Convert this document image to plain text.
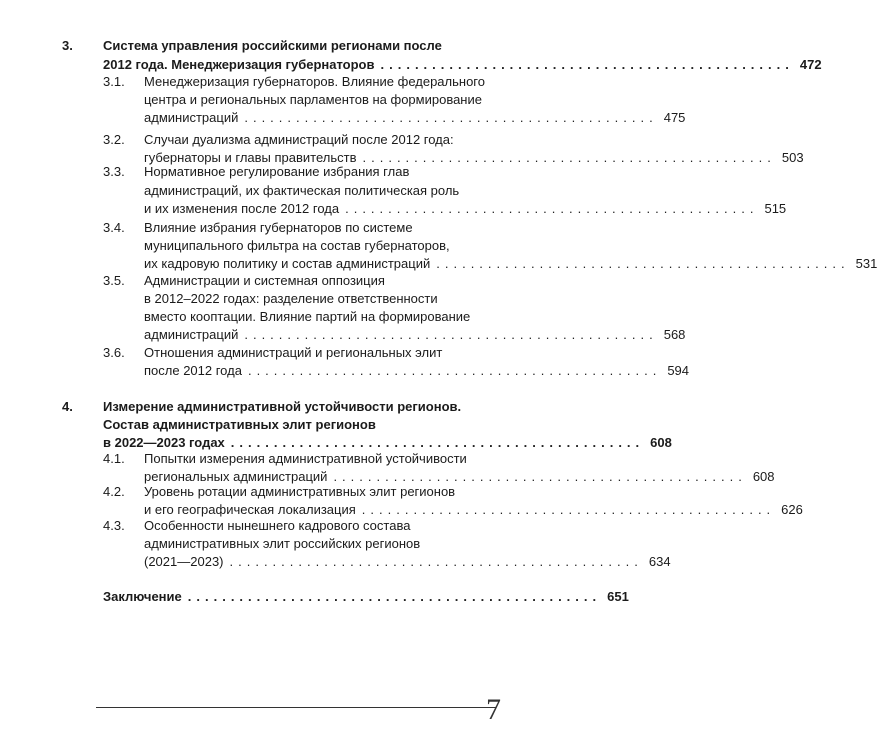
3. Система управления российскими регионами после
2012 года. Менеджеризация губернаторов ................................................ 472
3.1. Менеджеризация губернаторов. Влияние федерального
центра и региональных парламентов на формирование
администраций ................................................ 475
3.2. Случаи дуализма администраций после 2012 года:
губернаторы и главы правительств ................................................ 503
3.3. Нормативное регулирование избрания глав
администраций, их фактическая политическая роль
и их изменения после 2012 года ................................................ 515
3.4. Влияние избрания губернаторов по системе
муниципального фильтра на состав губернаторов,
их кадровую политику и состав администраций ................................................ 531
3.5. Администрации и системная оппозиция
в 2012–2022 годах: разделение ответственности
вместо кооптации. Влияние партий на формирование
администраций ................................................ 568
3.6. Отношения администраций и региональных элит
после 2012 года ................................................ 594
4. Измерение административной устойчивости регионов.
Состав административных элит регионов
в 2022—2023 годах ................................................ 608
4.1. Попытки измерения административной устойчивости
региональных администраций ................................................ 608
4.2. Уровень ротации административных элит регионов
и его географическая локализация ................................................ 626
4.3. Особенности нынешнего кадрового состава
административных элит российских регионов
(2021—2023) ................................................ 634
Заключение ................................................ 651
7
